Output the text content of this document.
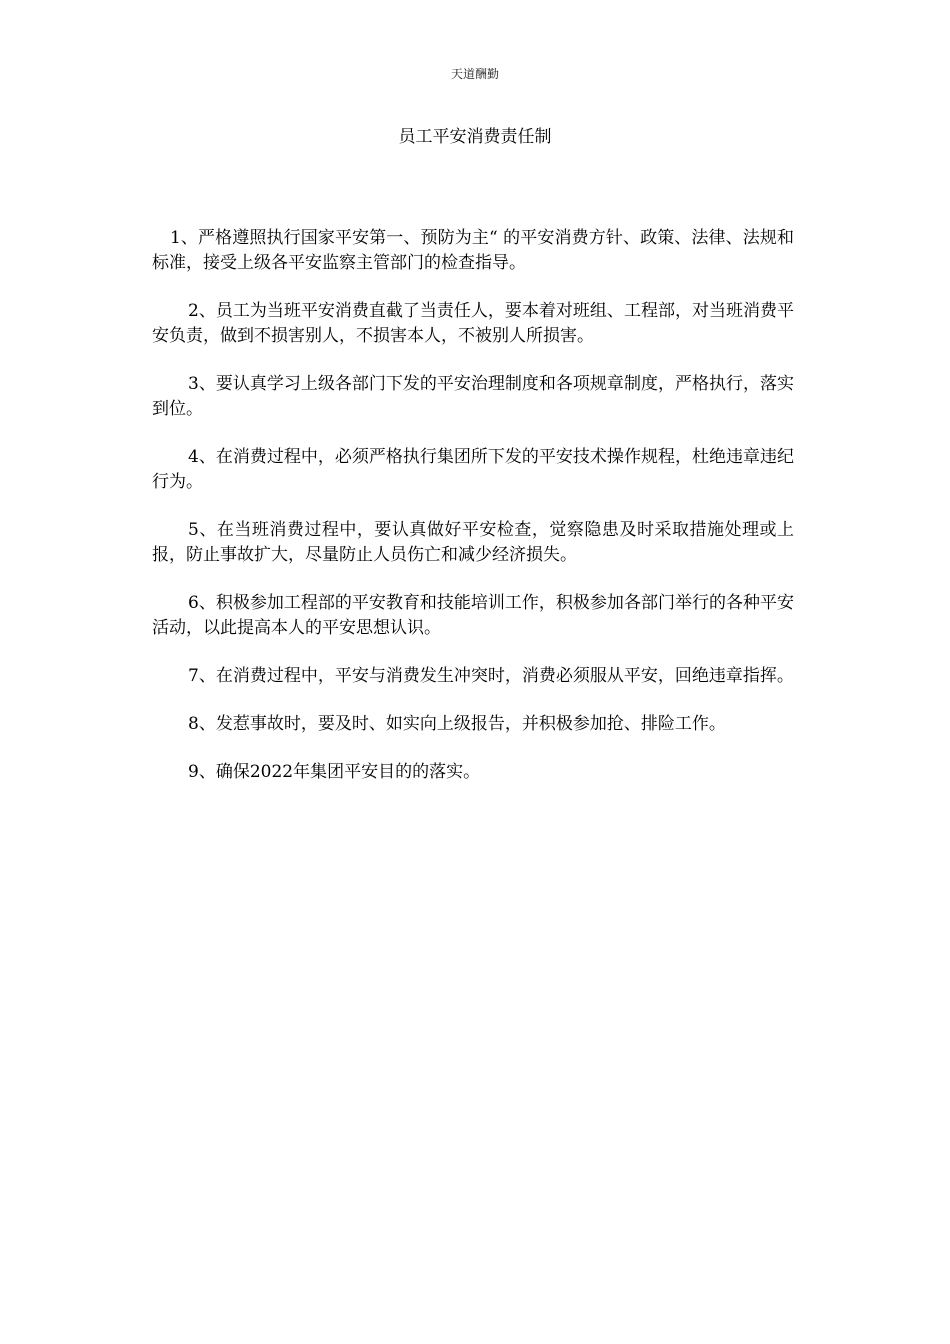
天道酬勤
员工平安消费责任制

1、严格遵照执行国家平安第一、预防为主“ 的平安消费方针、政策、法律、法规和标准，接受上级各平安监察主管部门的检查指导。

2、员工为当班平安消费直截了当责任人，要本着对班组、工程部，对当班消费平安负责，做到不损害别人，不损害本人，不被别人所损害。

3、要认真学习上级各部门下发的平安治理制度和各项规章制度，严格执行，落实到位。

4、在消费过程中，必须严格执行集团所下发的平安技术操作规程，杜绝违章违纪行为。

5、在当班消费过程中，要认真做好平安检查，觉察隐患及时采取措施处理或上报，防止事故扩大，尽量防止人员伤亡和减少经济损失。

6、积极参加工程部的平安教育和技能培训工作，积极参加各部门举行的各种平安活动，以此提高本人的平安思想认识。

7、在消费过程中，平安与消费发生冲突时，消费必须服从平安，回绝违章指挥。

8、发惹事故时，要及时、如实向上级报告，并积极参加抢、排险工作。

9、确保2022年集团平安目的的落实。
